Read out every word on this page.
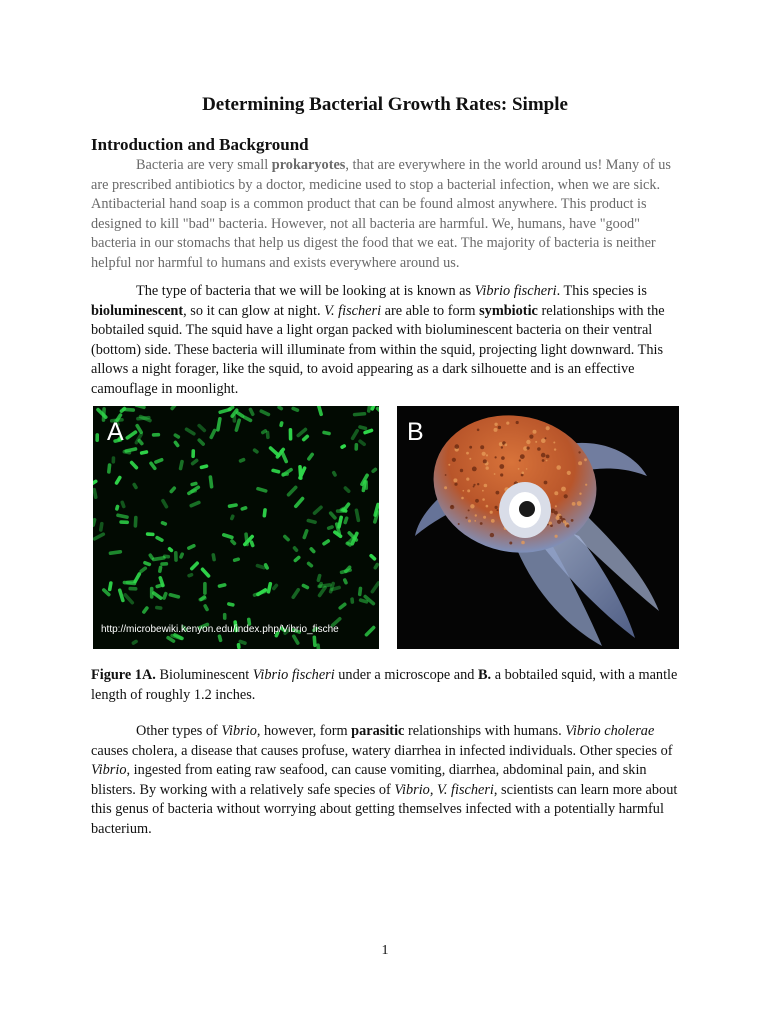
Determining Bacterial Growth Rates: Simple
Introduction and Background

Bacteria are very small prokaryotes, that are everywhere in the world around us! Many of us are prescribed antibiotics by a doctor, medicine used to stop a bacterial infection, when we are sick. Antibacterial hand soap is a common product that can be found almost anywhere. This product is designed to kill "bad" bacteria. However, not all bacteria are harmful. We, humans, have "good" bacteria in our stomachs that help us digest the food that we eat. The majority of bacteria is neither helpful nor harmful to humans and exists everywhere around us.

The type of bacteria that we will be looking at is known as Vibrio fischeri. This species is bioluminescent, so it can glow at night. V. fischeri are able to form symbiotic relationships with the bobtailed squid. The squid have a light organ packed with bioluminescent bacteria on their ventral (bottom) side. These bacteria will illuminate from within the squid, projecting light downward. This allows a night forager, like the squid, to avoid appearing as a dark silhouette and is an effective camouflage in moonlight.

A
http://microbewiki.kenyon.edu/index.php/Vibrio_fische
B

Figure 1A. Bioluminescent Vibrio fischeri under a microscope and B. a bobtailed squid, with a mantle length of roughly 1.2 inches.

Other types of Vibrio, however, form parasitic relationships with humans. Vibrio cholerae causes cholera, a disease that causes profuse, watery diarrhea in infected individuals. Other species of Vibrio, ingested from eating raw seafood, can cause vomiting, diarrhea, abdominal pain, and skin blisters. By working with a relatively safe species of Vibrio, V. fischeri, scientists can learn more about this genus of bacteria without worrying about getting themselves infected with a potentially harmful bacterium.

1
